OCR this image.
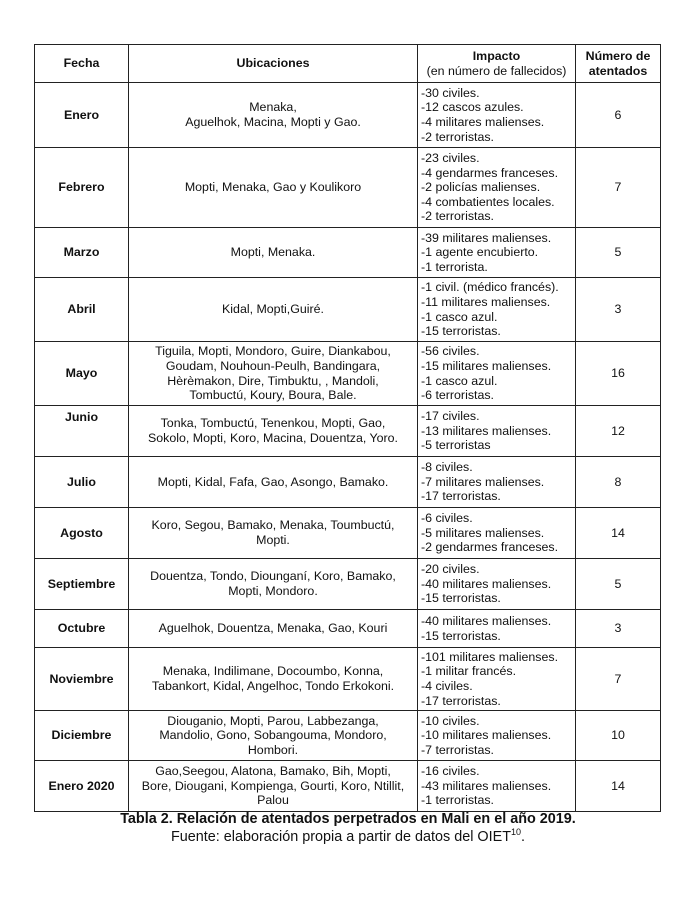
Fecha	Ubicaciones	Impacto
(en número de fallecidos)	Número de
atentados

Enero	Menaka,
Aguelhok, Macina, Mopti y Gao.	-30 civiles.
-12 cascos azules.
-4 militares malienses.
-2 terroristas.	6
Febrero	Mopti, Menaka, Gao y Koulikoro	-23 civiles.
-4 gendarmes franceses.
-2 policías malienses.
-4 combatientes locales.
-2 terroristas.	7
Marzo	Mopti, Menaka.	-39 militares malienses.
-1 agente encubierto.
-1 terrorista.	5
Abril	Kidal, Mopti,Guiré.	-1 civil. (médico francés).
-11 militares malienses.
-1 casco azul.
-15 terroristas.	3
Mayo	Tiguila, Mopti, Mondoro, Guire, Diankabou,
Goudam, Nouhoun-Peulh, Bandingara,
Hèrèmakon, Dire, Timbuktu, , Mandoli,
Tombuctú, Koury, Boura, Bale.	-56 civiles.
-15 militares malienses.
-1 casco azul.
-6 terroristas.	16
Junio	Tonka, Tombuctú, Tenenkou, Mopti, Gao,
Sokolo, Mopti, Koro, Macina, Douentza, Yoro.	-17 civiles.
-13 militares malienses.
-5 terroristas	12
Julio	Mopti, Kidal, Fafa, Gao, Asongo, Bamako.	-8 civiles.
-7 militares malienses.
-17 terroristas.	8
Agosto	Koro, Segou, Bamako, Menaka, Toumbuctú,
Mopti.	-6 civiles.
-5 militares malienses.
-2 gendarmes franceses.	14
Septiembre	Douentza, Tondo, Diounganí, Koro, Bamako,
Mopti, Mondoro.	-20 civiles.
-40 militares malienses.
-15 terroristas.	5
Octubre	Aguelhok, Douentza, Menaka, Gao, Kouri	-40 militares malienses.
-15 terroristas.	3
Noviembre	Menaka, Indilimane, Docoumbo, Konna,
Tabankort, Kidal, Angelhoc, Tondo Erkokoni.	-101 militares malienses.
-1 militar francés.
-4 civiles.
-17 terroristas.	7
Diciembre	Diouganio, Mopti, Parou, Labbezanga,
Mandolio, Gono, Sobangouma, Mondoro,
Hombori.	-10 civiles.
-10 militares malienses.
-7 terroristas.	10
Enero 2020	Gao,Seegou, Alatona, Bamako, Bih, Mopti,
Bore, Diougani, Kompienga, Gourti, Koro, Ntillit,
Palou	-16 civiles.
-43 militares malienses.
-1 terroristas.	14
Tabla 2. Relación de atentados perpetrados en Mali en el año 2019.
Fuente: elaboración propia a partir de datos del OIET$^{10}$.
